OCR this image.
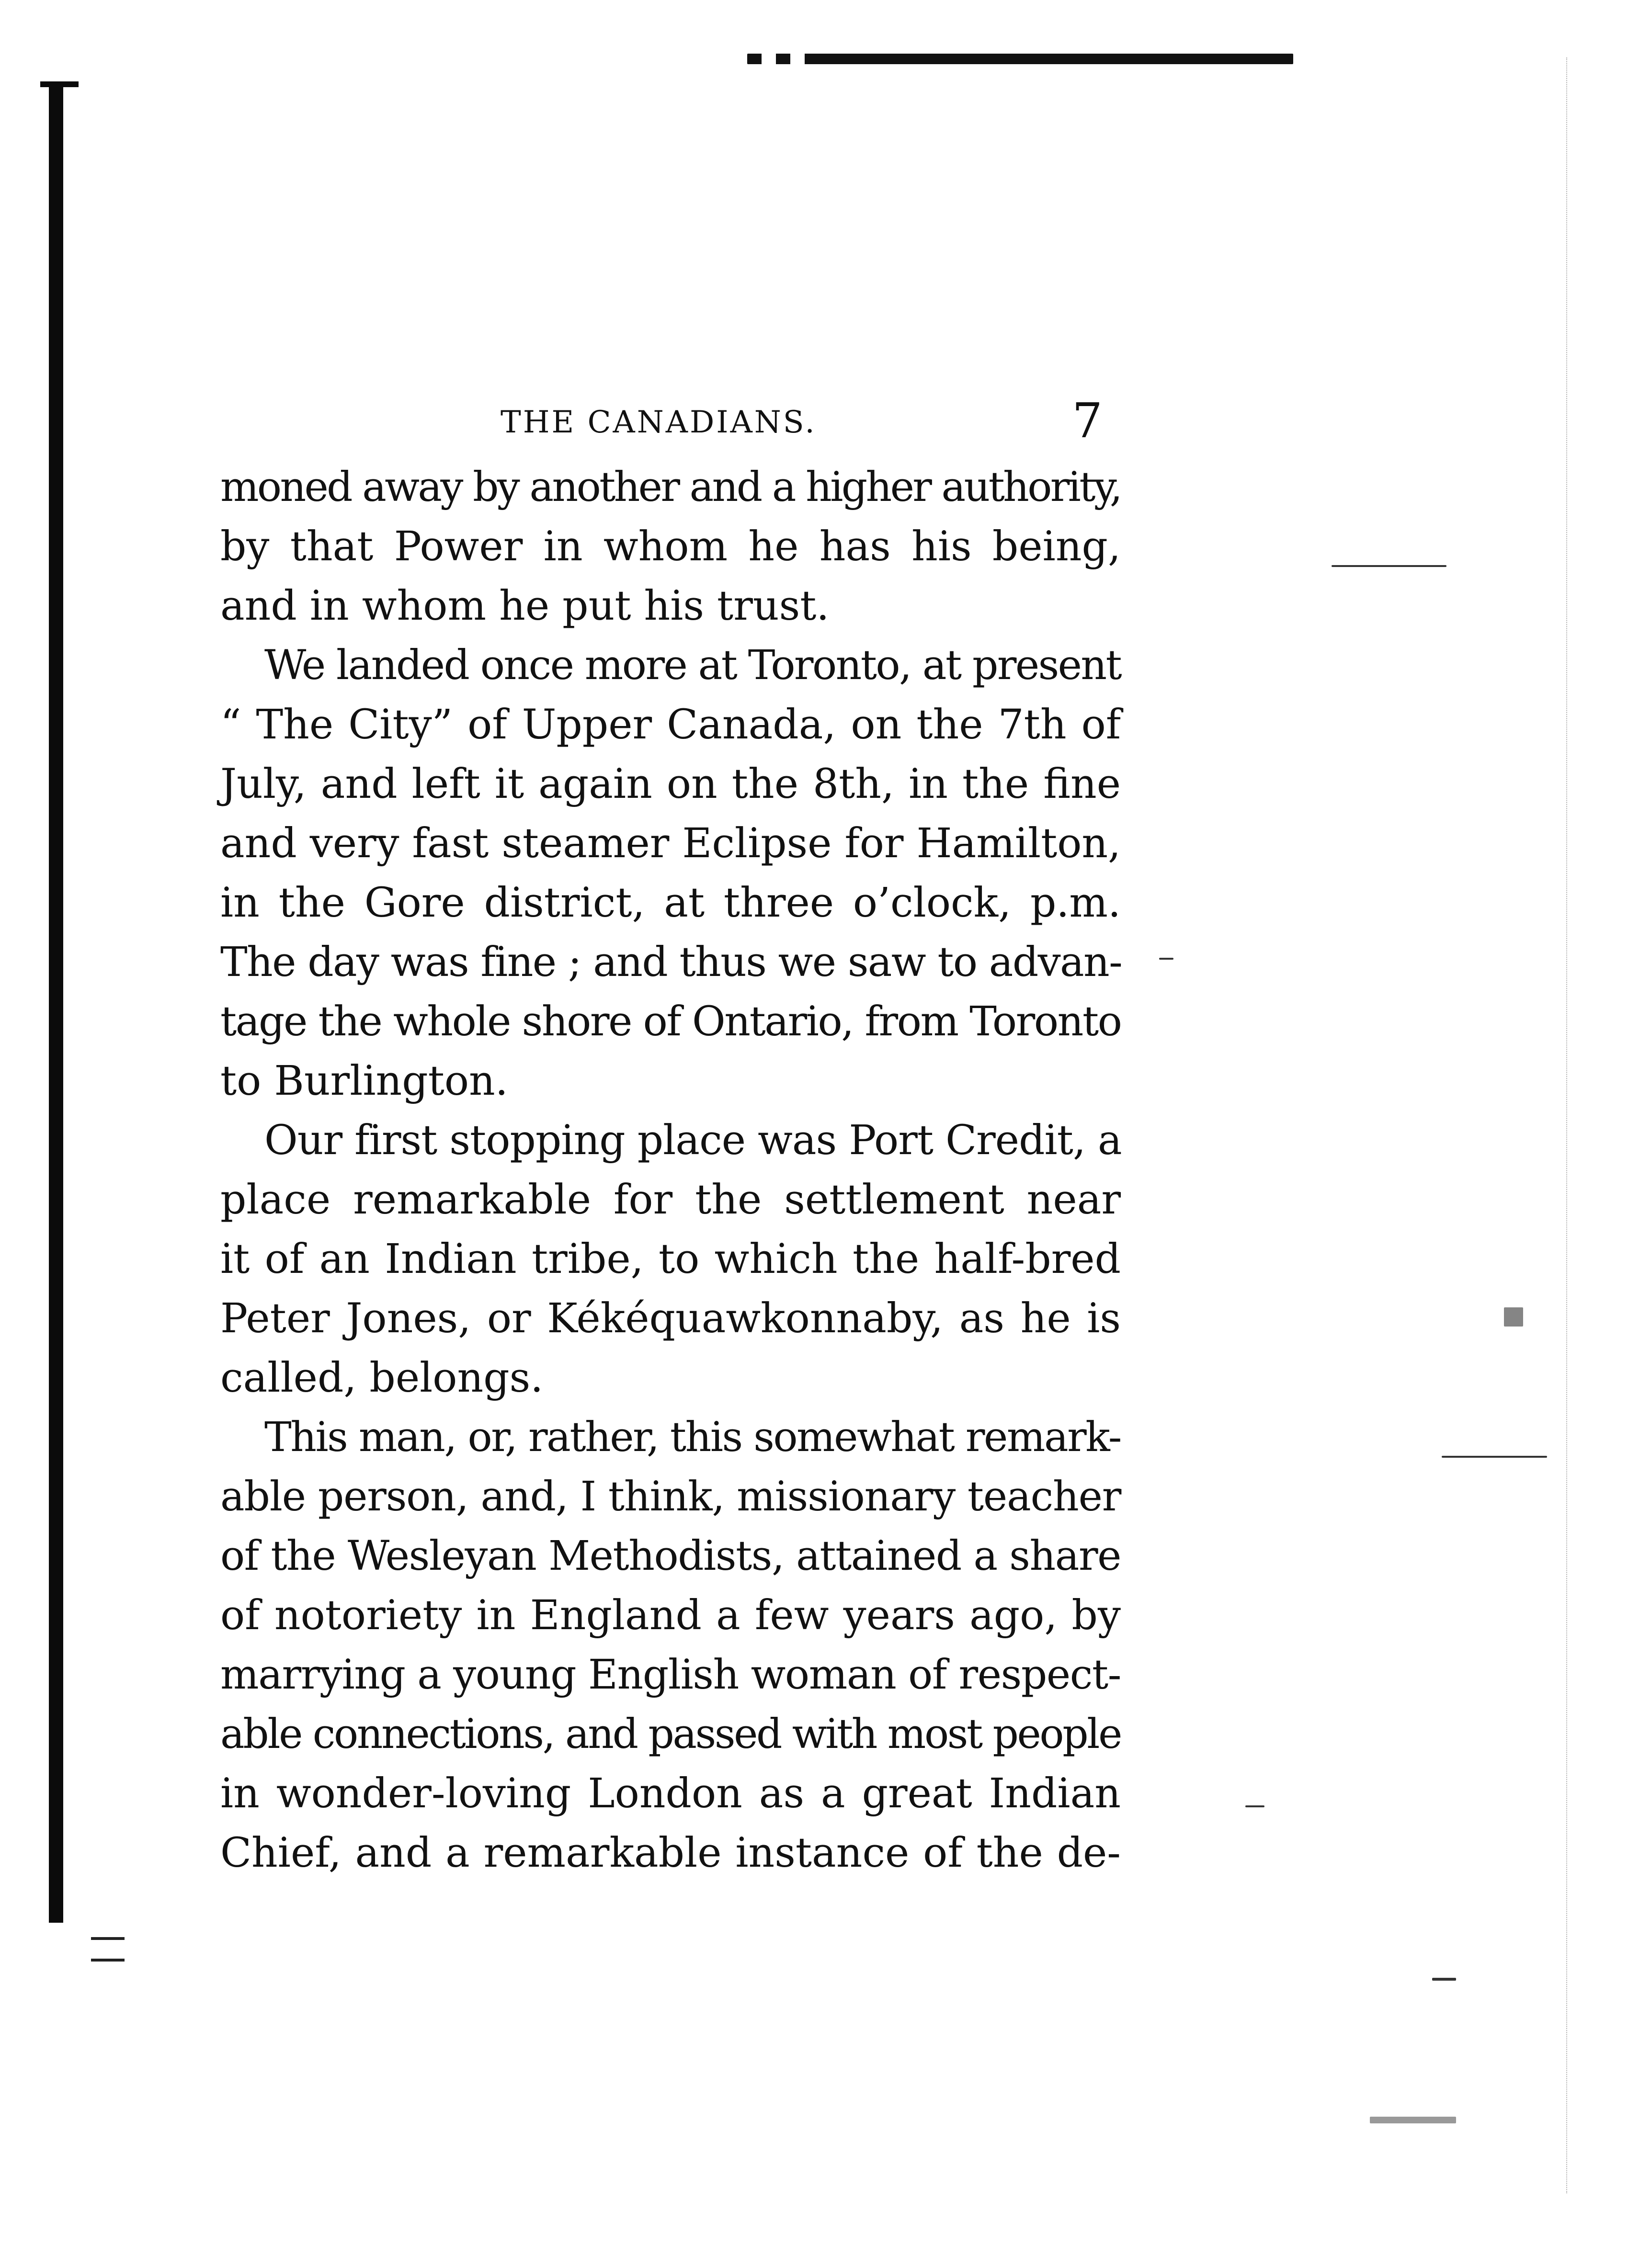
THE CANADIANS.	7
moned away by another and a higher authority,
by that Power in whom he has his being,
and in whom he put his trust.
We landed once more at Toronto, at present
“ The City” of Upper Canada, on the 7th of
July, and left it again on the 8th, in the fine
and very fast steamer Eclipse for Hamilton,
in the Gore district, at three o’clock, p.m.
The day was fine ; and thus we saw to advan-
tage the whole shore of Ontario, from Toronto
to Burlington.
Our first stopping place was Port Credit, a
place remarkable for the settlement near
it of an Indian tribe, to which the half-bred
Peter Jones, or Kékéquawkonnaby, as he is
called, belongs.
This man, or, rather, this somewhat remark-
able person, and, I think, missionary teacher
of the Wesleyan Methodists, attained a share
of notoriety in England a few years ago, by
marrying a young English woman of respect-
able connections, and passed with most people
in wonder-loving London as a great Indian
Chief, and a remarkable instance of the de-
